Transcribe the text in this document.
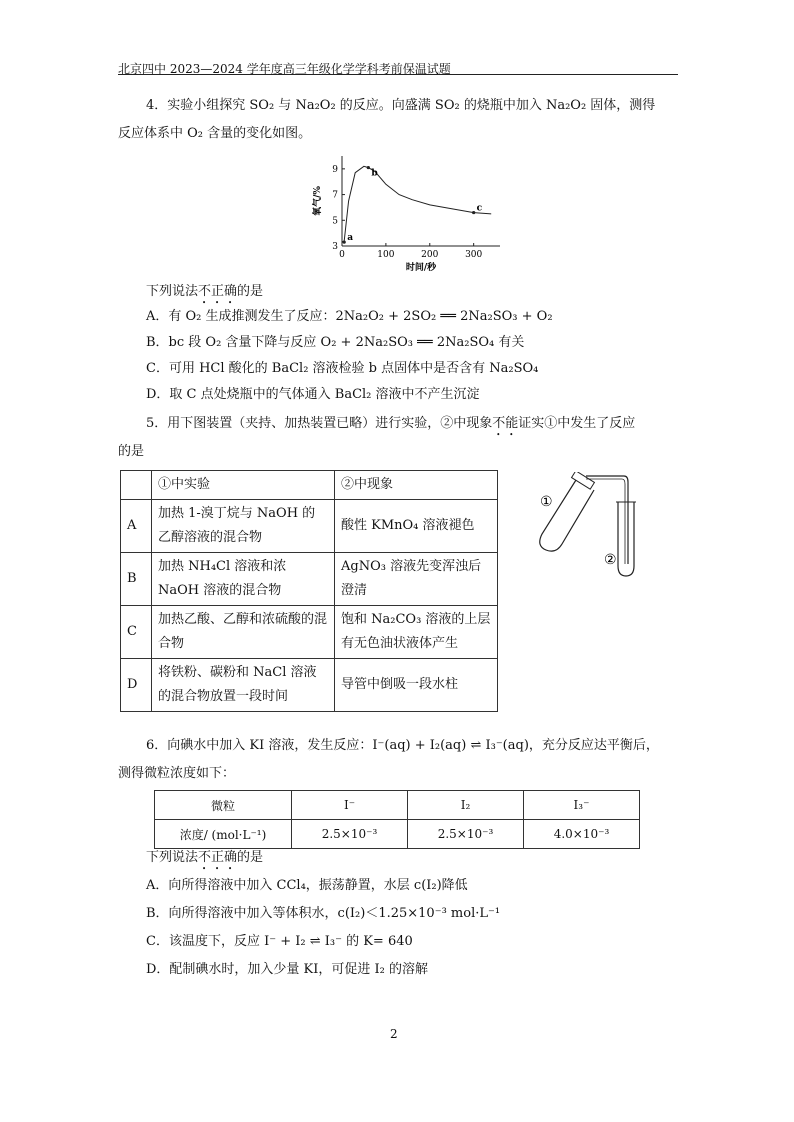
北京四中 2023—2024 学年度高三年级化学学科考前保温试题
4．实验小组探究 SO₂ 与 Na₂O₂ 的反应。向盛满 SO₂ 的烧瓶中加入 Na₂O₂ 固体，测得
反应体系中 O₂ 含量的变化如图。
0	100	200	300
3
5
7
9
时间/秒
氧气/%
a
b
c
下列说法不正确的是
A．有 O₂ 生成推测发生了反应：2Na₂O₂ + 2SO₂ ══ 2Na₂SO₃ + O₂
B．bc 段 O₂ 含量下降与反应 O₂ + 2Na₂SO₃ ══ 2Na₂SO₄ 有关
C．可用 HCl 酸化的 BaCl₂ 溶液检验 b 点固体中是否含有 Na₂SO₄
D．取 C 点处烧瓶中的气体通入 BaCl₂ 溶液中不产生沉淀
5．用下图装置（夹持、加热装置已略）进行实验，②中现象不能证实①中发生了反应
的是
	①中实验	②中现象
A	加热 1-溴丁烷与 NaOH 的乙醇溶液的混合物	酸性 KMnO₄ 溶液褪色
B	加热 NH₄Cl 溶液和浓 NaOH 溶液的混合物	AgNO₃ 溶液先变浑浊后澄清
C	加热乙酸、乙醇和浓硫酸的混合物	饱和 Na₂CO₃ 溶液的上层有无色油状液体产生
D	将铁粉、碳粉和 NaCl 溶液的混合物放置一段时间	导管中倒吸一段水柱
①
②
6．向碘水中加入 KI 溶液，发生反应：I⁻(aq) + I₂(aq) ⇌ I₃⁻(aq)，充分反应达平衡后，
测得微粒浓度如下：
微粒	I⁻	I₂	I₃⁻
浓度/ (mol·L⁻¹)	2.5×10⁻³	2.5×10⁻³	4.0×10⁻³
下列说法不正确的是
A．向所得溶液中加入 CCl₄，振荡静置，水层 c(I₂)降低
B．向所得溶液中加入等体积水，c(I₂)＜1.25×10⁻³ mol·L⁻¹
C．该温度下，反应 I⁻ + I₂ ⇌ I₃⁻ 的 K= 640
D．配制碘水时，加入少量 KI，可促进 I₂ 的溶解
2
